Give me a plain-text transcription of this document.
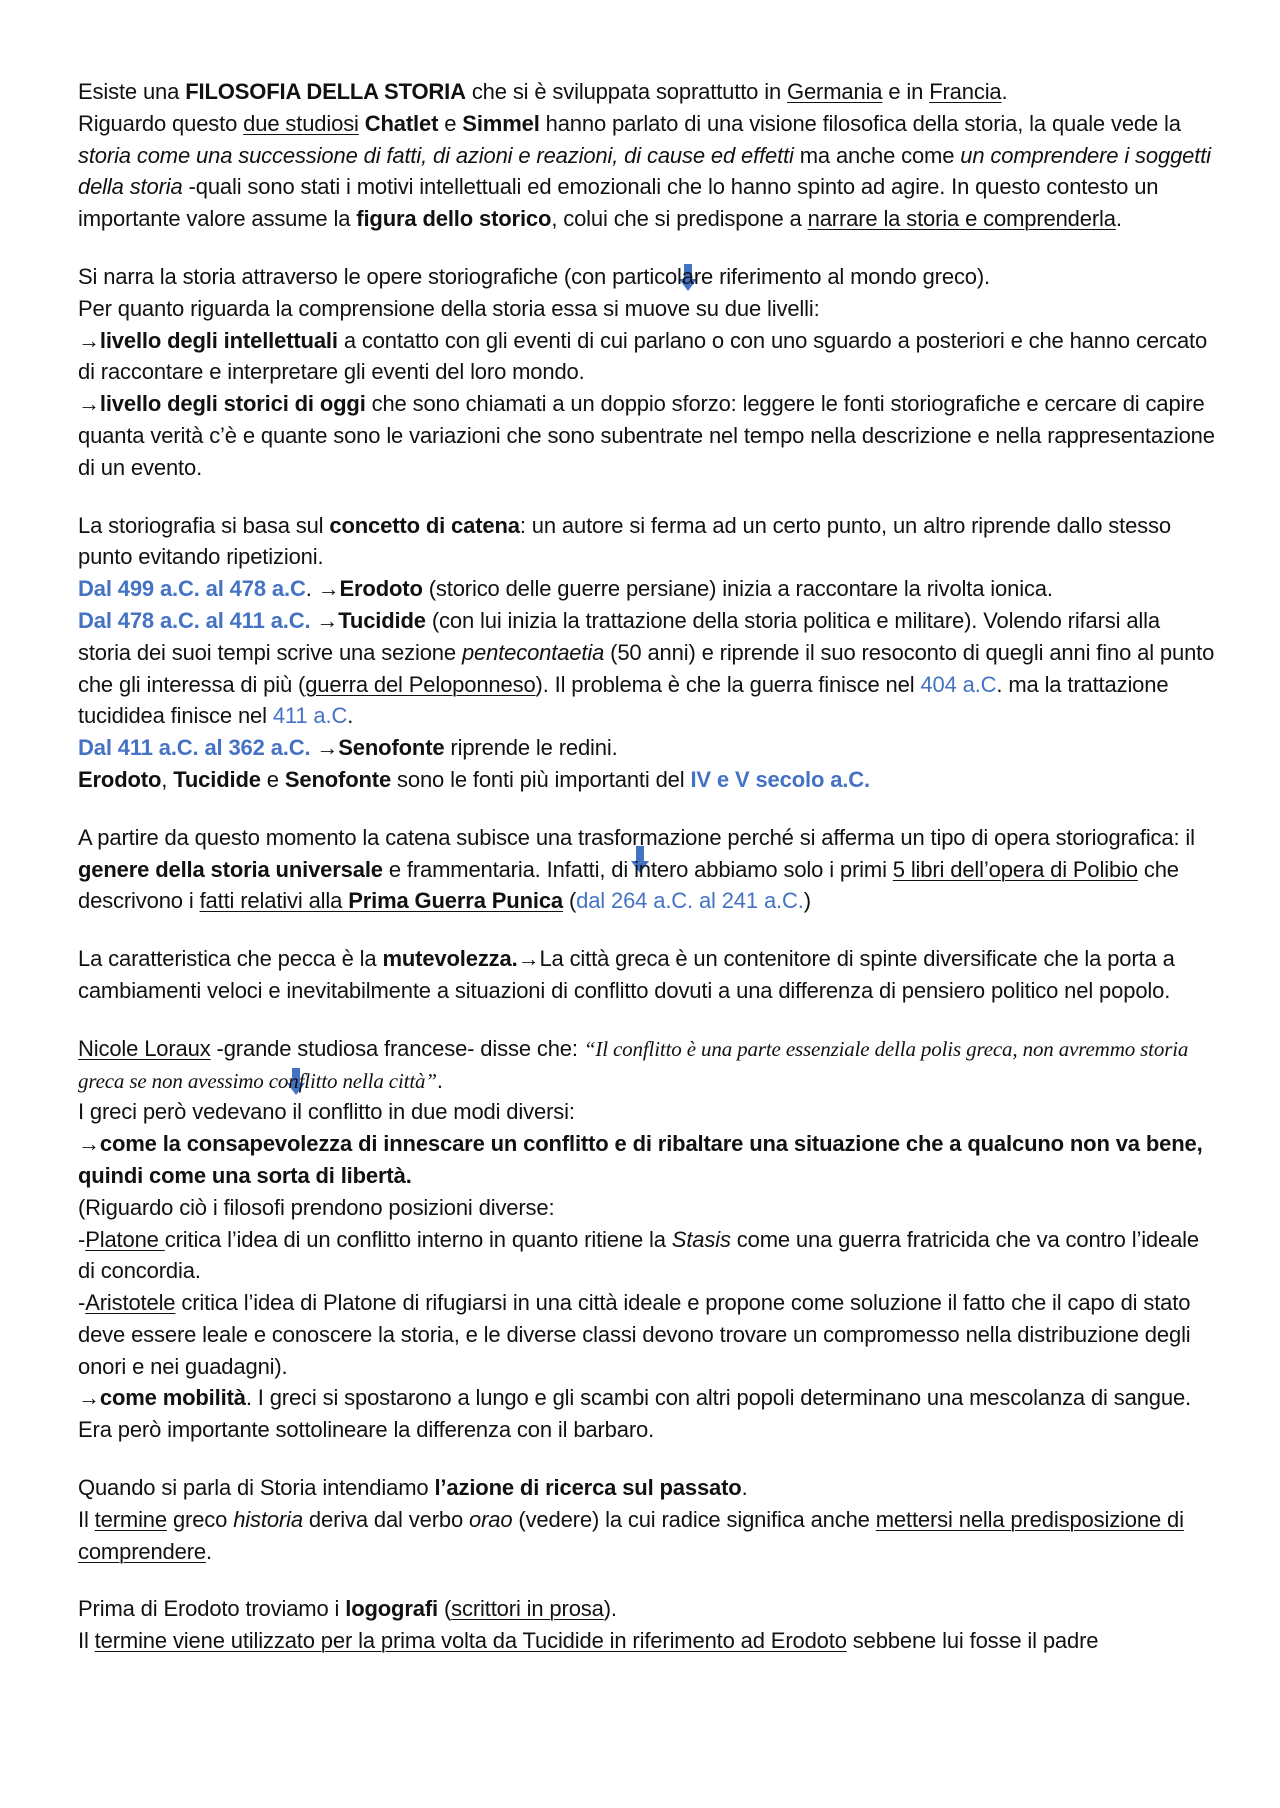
Esiste una FILOSOFIA DELLA STORIA che si è sviluppata soprattutto in Germania e in Francia.
Riguardo questo due studiosi Chatlet e Simmel hanno parlato di una visione filosofica della storia, la quale vede la storia come una successione di fatti, di azioni e reazioni, di cause ed effetti ma anche come un comprendere i soggetti della storia -quali sono stati i motivi intellettuali ed emozionali che lo hanno spinto ad agire. In questo contesto un importante valore assume la figura dello storico, colui che si predispone a narrare la storia e comprenderla.

Si narra la storia attraverso le opere storiografiche (con particolare riferimento al mondo greco).
Per quanto riguarda la comprensione della storia essa si muove su due livelli:
→livello degli intellettuali a contatto con gli eventi di cui parlano o con uno sguardo a posteriori e che hanno cercato di raccontare e interpretare gli eventi del loro mondo.
→livello degli storici di oggi che sono chiamati a un doppio sforzo: leggere le fonti storiografiche e cercare di capire quanta verità c’è e quante sono le variazioni che sono subentrate nel tempo nella descrizione e nella rappresentazione di un evento.

La storiografia si basa sul concetto di catena: un autore si ferma ad un certo punto, un altro riprende dallo stesso punto evitando ripetizioni.
Dal 499 a.C. al 478 a.C. →Erodoto (storico delle guerre persiane) inizia a raccontare la rivolta ionica.
Dal 478 a.C. al 411 a.C. →Tucidide (con lui inizia la trattazione della storia politica e militare). Volendo rifarsi alla storia dei suoi tempi scrive una sezione pentecontaetia (50 anni) e riprende il suo resoconto di quegli anni fino al punto che gli interessa di più (guerra del Peloponneso). Il problema è che la guerra finisce nel 404 a.C. ma la trattazione tucididea finisce nel 411 a.C.
Dal 411 a.C. al 362 a.C. →Senofonte riprende le redini.
Erodoto, Tucidide e Senofonte sono le fonti più importanti del IV e V secolo a.C.

A partire da questo momento la catena subisce una trasformazione perché si afferma un tipo di opera storiografica: il genere della storia universale e frammentaria. Infatti, di intero abbiamo solo i primi 5 libri dell’opera di Polibio che descrivono i fatti relativi alla Prima Guerra Punica (dal 264 a.C. al 241 a.C.)

La caratteristica che pecca è la mutevolezza.→La città greca è un contenitore di spinte diversificate che la porta a cambiamenti veloci e inevitabilmente a situazioni di conflitto dovuti a una differenza di pensiero politico nel popolo.

Nicole Loraux -grande studiosa francese- disse che: “Il conflitto è una parte essenziale della polis greca, non avremmo storia greca se non avessimo conflitto nella città”.
I greci però vedevano il conflitto in due modi diversi:
→come la consapevolezza di innescare un conflitto e di ribaltare una situazione che a qualcuno non va bene, quindi come una sorta di libertà.
(Riguardo ciò i filosofi prendono posizioni diverse:
-Platone critica l’idea di un conflitto interno in quanto ritiene la Stasis come una guerra fratricida che va contro l’ideale di concordia.
-Aristotele critica l’idea di Platone di rifugiarsi in una città ideale e propone come soluzione il fatto che il capo di stato deve essere leale e conoscere la storia, e le diverse classi devono trovare un compromesso nella distribuzione degli onori e nei guadagni).
→come mobilità. I greci si spostarono a lungo e gli scambi con altri popoli determinano una mescolanza di sangue. Era però importante sottolineare la differenza con il barbaro.

Quando si parla di Storia intendiamo l’azione di ricerca sul passato.
Il termine greco historia deriva dal verbo orao (vedere) la cui radice significa anche mettersi nella predisposizione di comprendere.

Prima di Erodoto troviamo i logografi (scrittori in prosa).
Il termine viene utilizzato per la prima volta da Tucidide in riferimento ad Erodoto sebbene lui fosse il padre
